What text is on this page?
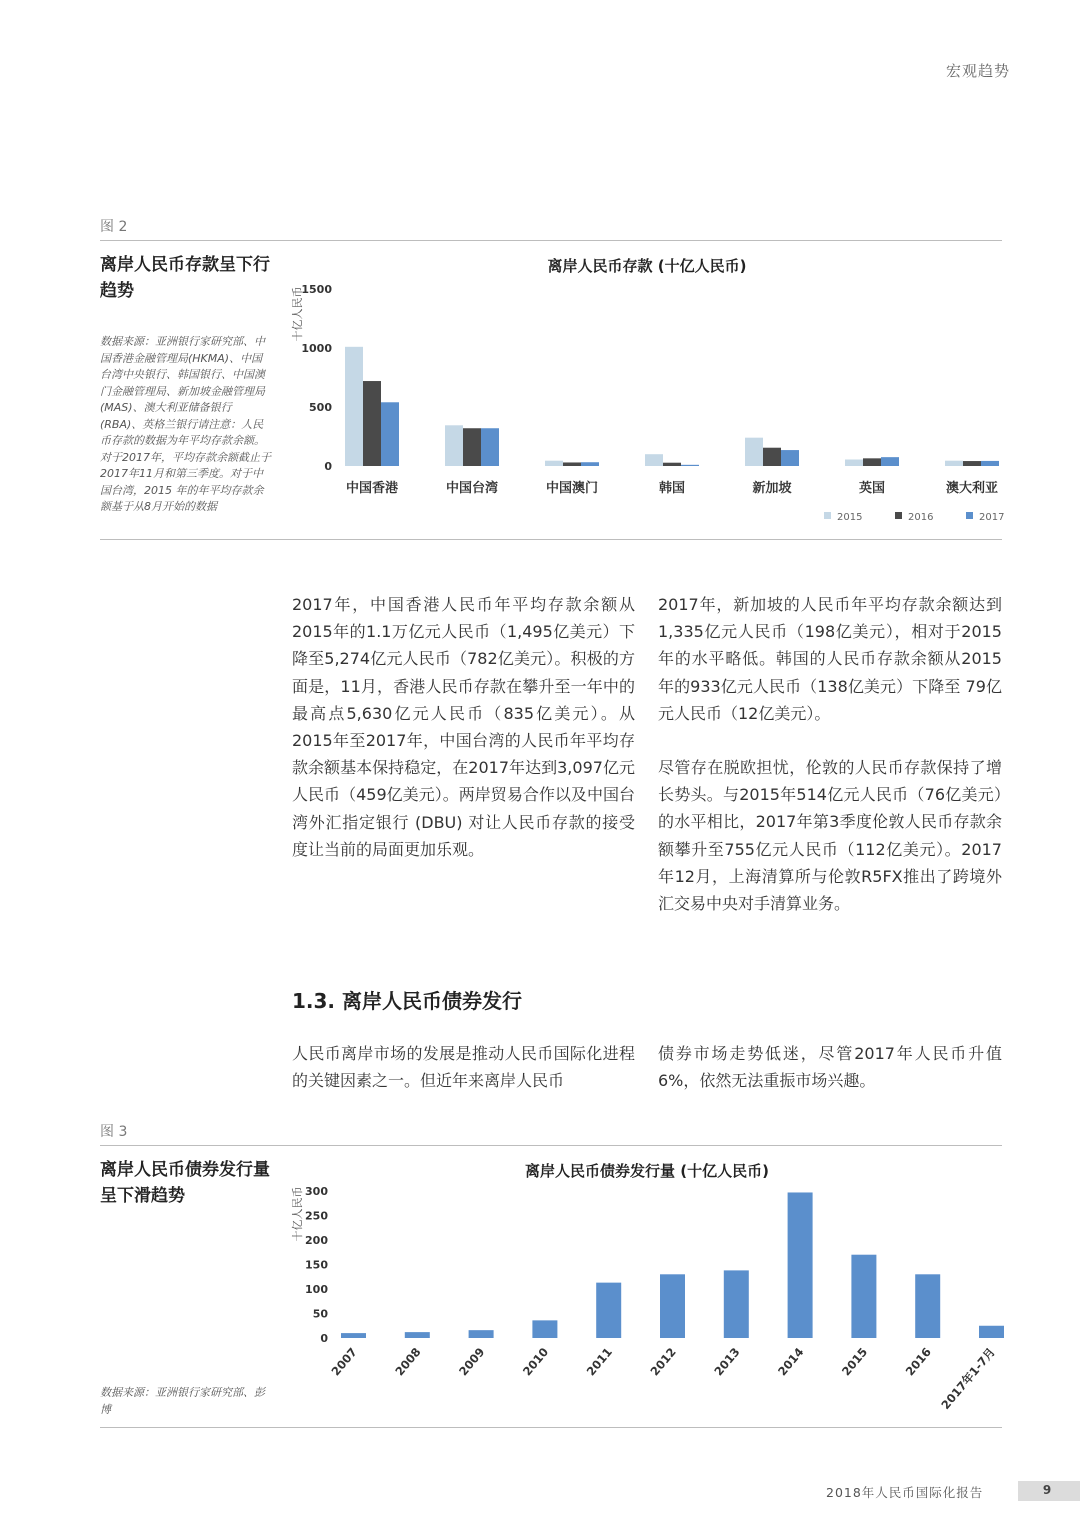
宏观趋势
图 2
离岸人民币存款呈下行趋势
数据来源：亚洲银行家研究部、中国香港金融管理局(HKMA)、中国台湾中央银行、韩国银行、中国澳门金融管理局、新加坡金融管理局(MAS)、澳大利亚储备银行 (RBA)、英格兰银行请注意：人民币存款的数据为年平均存款余额。对于2017年，平均存款余额截止于2017年11月和第三季度。对于中国台湾，2015 年的年平均存款余额基于从8月开始的数据
离岸人民币存款 (十亿人民币)
十亿人民币
0
500
1000
1500
中国香港	中国台湾	中国澳门	韩国	新加坡	英国	澳大利亚
2015	2016	2017

2017年，中国香港人民币年平均存款余额从2015年的1.1万亿元人民币（1,495亿美元）下降至5,274亿元人民币（782亿美元）。积极的方面是，11月，香港人民币存款在攀升至一年中的最高点5,630亿元人民币（835亿美元）。从2015年至2017年，中国台湾的人民币年平均存款余额基本保持稳定，在2017年达到3,097亿元人民币（459亿美元）。两岸贸易合作以及中国台湾外汇指定银行 (DBU) 对让人民币存款的接受度让当前的局面更加乐观。

2017年，新加坡的人民币年平均存款余额达到1,335亿元人民币（198亿美元），相对于2015年的水平略低。韩国的人民币存款余额从2015年的933亿元人民币（138亿美元）下降至 79亿元人民币（12亿美元）。

尽管存在脱欧担忧，伦敦的人民币存款保持了增长势头。与2015年514亿元人民币（76亿美元）的水平相比，2017年第3季度伦敦人民币存款余额攀升至755亿元人民币（112亿美元）。2017年12月，上海清算所与伦敦R5FX推出了跨境外汇交易中央对手清算业务。

1.3. 离岸人民币债券发行

人民币离岸市场的发展是推动人民币国际化进程的关键因素之一。但近年来离岸人民币

债券市场走势低迷，尽管2017年人民币升值6%，依然无法重振市场兴趣。

图 3
离岸人民币债券发行量呈下滑趋势
数据来源：亚洲银行家研究部、彭博
离岸人民币债券发行量 (十亿人民币)
十亿人民币
0
50
100
150
200
250
300
2007	2008	2009	2010	2011	2012	2013	2014	2015	2016 2017年1-7月
2018年人民币国际化报告	9
